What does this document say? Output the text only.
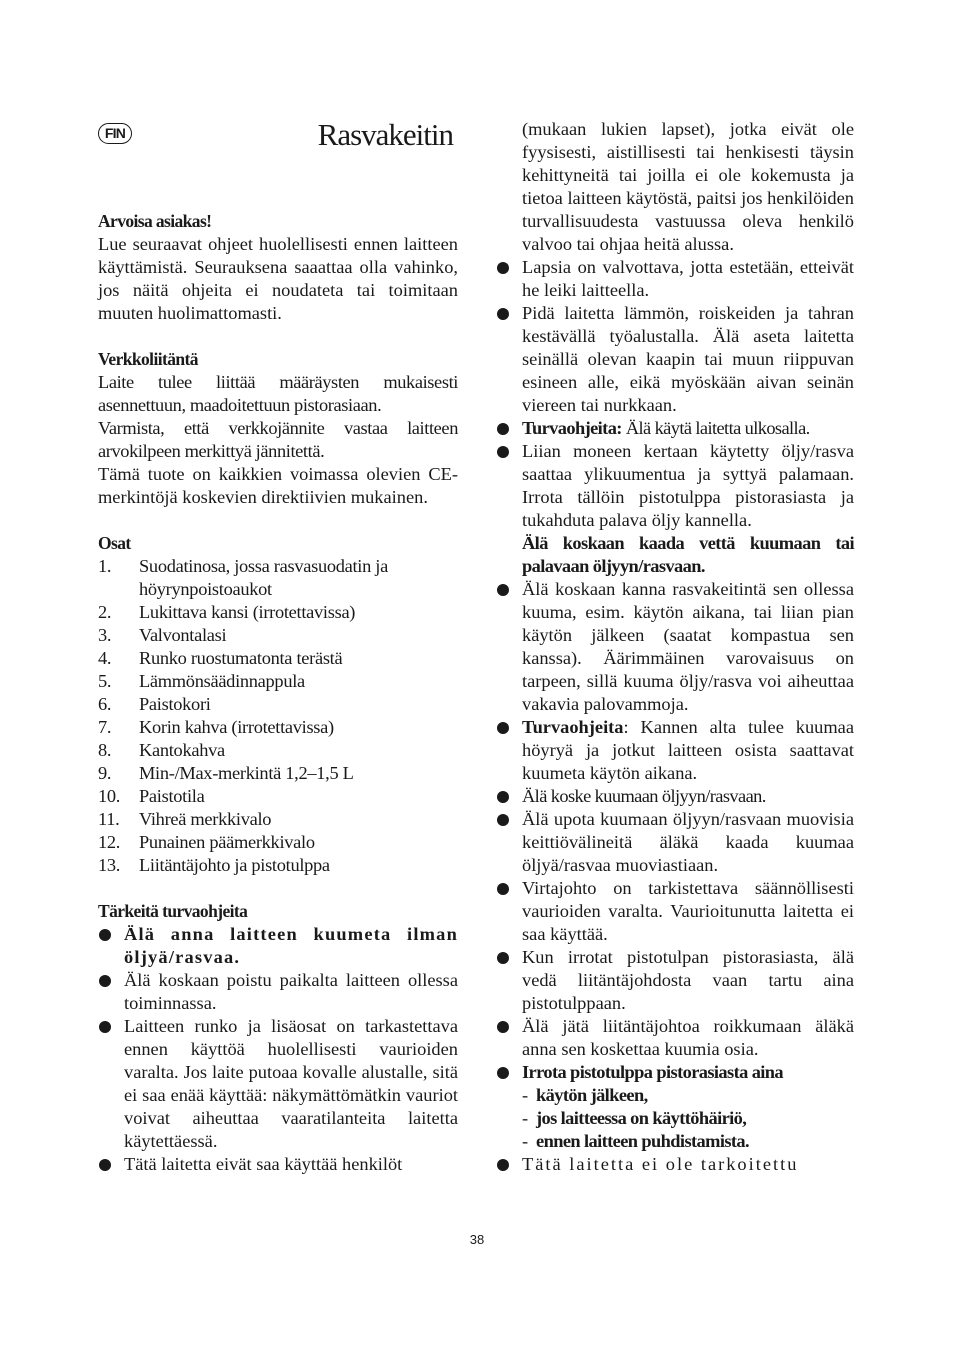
FIN	Rasvakeitin

Arvoisa asiakas!

Lue seuraavat ohjeet huolellisesti ennen laitteen käyttämistä. Seurauksena saaattaa olla vahinko, jos näitä ohjeita ei noudateta tai toimitaan muuten huolimattomasti.

Verkkoliitäntä

Laite tulee liittää määräysten mukaisesti asennettuun, maadoitettuun pistorasiaan.

Varmista, että verkkojännite vastaa laitteen arvokilpeen merkittyä jännitettä.

Tämä tuote on kaikkien voimassa olevien CE-merkintöjä koskevien direktiivien mukainen.

Osat

1.	Suodatinosa, jossa rasvasuodatin ja höyrynpoistoaukot
2.	Lukittava kansi (irrotettavissa)
3.	Valvontalasi
4.	Runko ruostumatonta terästä
5.	Lämmönsäädinnappula
6.	Paistokori
7.	Korin kahva (irrotettavissa)
8.	Kantokahva
9.	Min-/Max-merkintä 1,2–1,5 L
10.	Paistotila
11.	Vihreä merkkivalo
12.	Punainen päämerkkivalo
13.	Liitäntäjohto ja pistotulppa

Tärkeitä turvaohjeita

Älä anna laitteen kuumeta ilman öljyä/rasvaa.
Älä koskaan poistu paikalta laitteen ollessa toiminnassa.
Laitteen runko ja lisäosat on tarkastettava ennen käyttöä huolellisesti vaurioiden varalta. Jos laite putoaa kovalle alustalle, sitä ei saa enää käyttää: näkymättömätkin vauriot voivat aiheuttaa vaaratilanteita laitetta käytettäessä.
Tätä laitetta eivät saa käyttää henkilöt

(mukaan lukien lapset), jotka eivät ole fyysisesti, aistillisesti tai henkisesti täysin kehittyneitä tai joilla ei ole kokemusta ja tietoa laitteen käytöstä, paitsi jos henkilöiden turvallisuudesta vastuussa oleva henkilö valvoo tai ohjaa heitä alussa.

Lapsia on valvottava, jotta estetään, etteivät he leiki laitteella.
Pidä laitetta lämmön, roiskeiden ja tahran kestävällä työalustalla. Älä aseta laitetta seinällä olevan kaapin tai muun riippuvan esineen alle, eikä myöskään aivan seinän viereen tai nurkkaan.
Turvaohjeita: Älä käytä laitetta ulkosalla.
Liian moneen kertaan käytetty öljy/rasva saattaa ylikuumentua ja syttyä palamaan. Irrota tällöin pistotulppa pistorasiasta ja tukahduta palava öljy kannella.
Älä koskaan kaada vettä kuumaan tai palavaan öljyyn/rasvaan.
Älä koskaan kanna rasvakeitintä sen ollessa kuuma, esim. käytön aikana, tai liian pian käytön jälkeen (saatat kompastua sen kanssa). Äärimmäinen varovaisuus on tarpeen, sillä kuuma öljy/rasva voi aiheuttaa vakavia palovammoja.
Turvaohjeita: Kannen alta tulee kuumaa höyryä ja jotkut laitteen osista saattavat kuumeta käytön aikana.
Älä koske kuumaan öljyyn/rasvaan.
Älä upota kuumaan öljyyn/rasvaan muovisia keittiövälineitä äläkä kaada kuumaa öljyä/rasvaa muoviastiaan.
Virtajohto on tarkistettava säännöllisesti vaurioiden varalta. Vaurioitunutta laitetta ei saa käyttää.
Kun irrotat pistotulpan pistorasiasta, älä vedä liitäntäjohdosta vaan tartu aina pistotulppaan.
Älä jätä liitäntäjohtoa roikkumaan äläkä anna sen koskettaa kuumia osia.
Irrota pistotulppa pistorasiasta aina
- käytön jälkeen,
- jos laitteessa on käyttöhäiriö,
- ennen laitteen puhdistamista.
Tätä laitetta ei ole tarkoitettu
38
